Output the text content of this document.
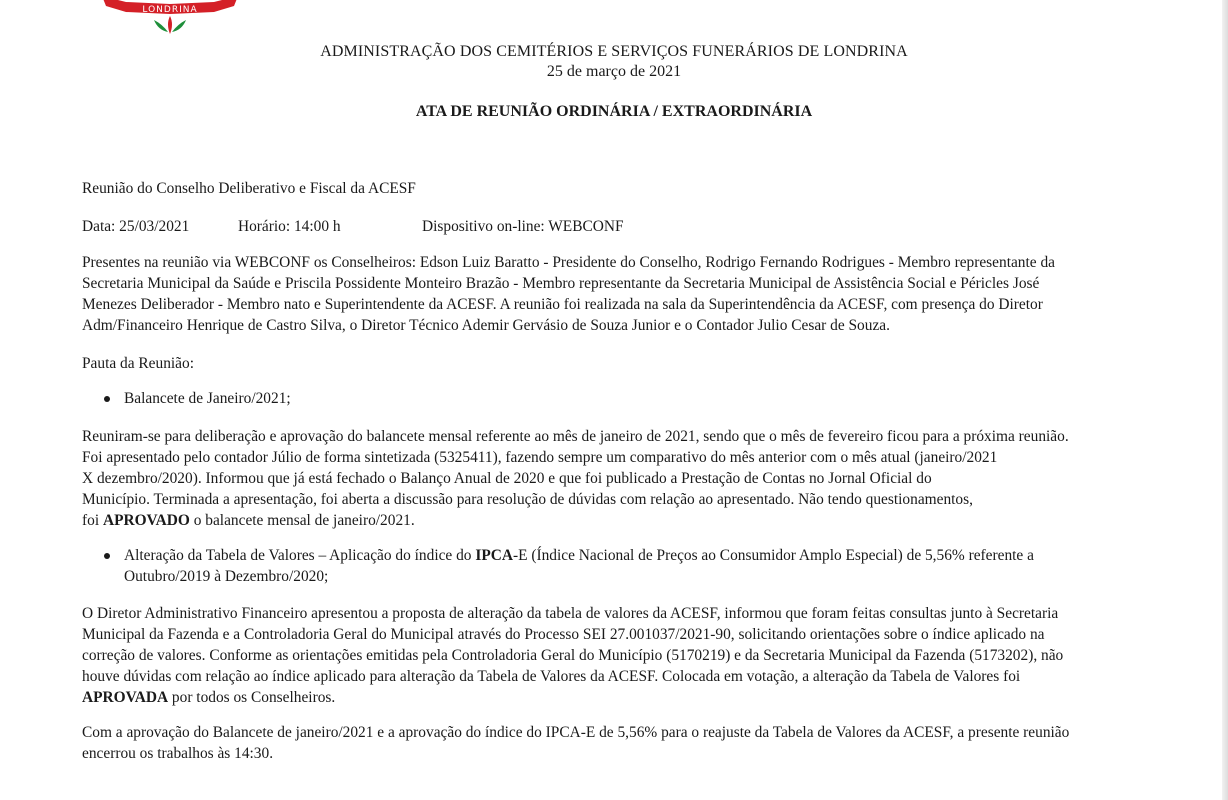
LONDRINA
ADMINISTRAÇÃO DOS CEMITÉRIOS E SERVIÇOS FUNERÁRIOS DE LONDRINA
25 de março de 2021
ATA DE REUNIÃO ORDINÁRIA / EXTRAORDINÁRIA

Reunião do Conselho Deliberativo e Fiscal da ACESF

Data: 25/03/2021	Horário: 14:00 h	Dispositivo on-line: WEBCONF
Presentes na reunião via WEBCONF os Conselheiros: Edson Luiz Baratto - Presidente do Conselho, Rodrigo Fernando Rodrigues - Membro representante da
Secretaria Municipal da Saúde e Priscila Possidente Monteiro Brazão - Membro representante da Secretaria Municipal de Assistência Social e Péricles José
Menezes Deliberador - Membro nato e Superintendente da ACESF. A reunião foi realizada na sala da Superintendência da ACESF, com presença do Diretor
Adm/Financeiro Henrique de Castro Silva, o Diretor Técnico Ademir Gervásio de Souza Junior e o Contador Julio Cesar de Souza.

Pauta da Reunião:

Balancete de Janeiro/2021;
Reuniram-se para deliberação e aprovação do balancete mensal referente ao mês de janeiro de 2021, sendo que o mês de fevereiro ficou para a próxima reunião.
Foi apresentado pelo contador Júlio de forma sintetizada (5325411), fazendo sempre um comparativo do mês anterior com o mês atual (janeiro/2021
X dezembro/2020). Informou que já está fechado o Balanço Anual de 2020 e que foi publicado a Prestação de Contas no Jornal Oficial do
Município. Terminada a apresentação, foi aberta a discussão para resolução de dúvidas com relação ao apresentado. Não tendo questionamentos,
foi APROVADO o balancete mensal de janeiro/2021.
Alteração da Tabela de Valores – Aplicação do índice do IPCA-E (Índice Nacional de Preços ao Consumidor Amplo Especial) de 5,56% referente a
Outubro/2019 à Dezembro/2020;
O Diretor Administrativo Financeiro apresentou a proposta de alteração da tabela de valores da ACESF, informou que foram feitas consultas junto à Secretaria
Municipal da Fazenda e a Controladoria Geral do Municipal através do Processo SEI 27.001037/2021-90, solicitando orientações sobre o índice aplicado na
correção de valores. Conforme as orientações emitidas pela Controladoria Geral do Município (5170219) e da Secretaria Municipal da Fazenda (5173202), não
houve dúvidas com relação ao índice aplicado para alteração da Tabela de Valores da ACESF. Colocada em votação, a alteração da Tabela de Valores foi
APROVADA por todos os Conselheiros.
Com a aprovação do Balancete de janeiro/2021 e a aprovação do índice do IPCA-E de 5,56% para o reajuste da Tabela de Valores da ACESF, a presente reunião
encerrou os trabalhos às 14:30.
